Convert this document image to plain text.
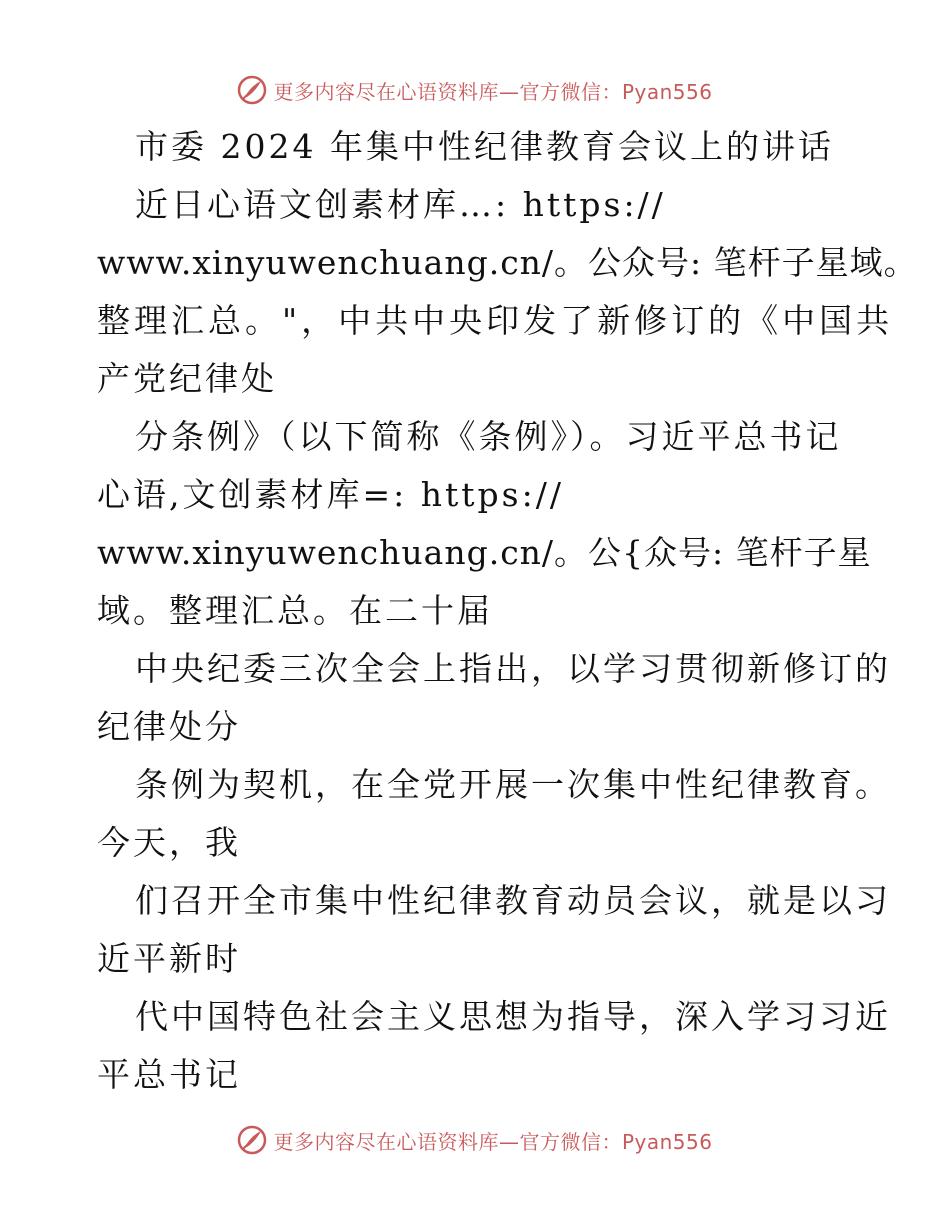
更多内容尽在心语资料库—官方微信：Pyan556
市委 2024 年集中性纪律教育会议上的讲话
近日心语文创素材库…: https://
www.xinyuwenchuang.cn/。公众号: 笔杆子星域。
整理汇总。"，中共中央印发了新修订的《中国共
产党纪律处
分条例》（以下简称《条例》）。习近平总书记
心语,文创素材库=: https://
www.xinyuwenchuang.cn/。公{众号: 笔杆子星
域。整理汇总。在二十届
中央纪委三次全会上指出，以学习贯彻新修订的
纪律处分
条例为契机，在全党开展一次集中性纪律教育。
今天，我
们召开全市集中性纪律教育动员会议，就是以习
近平新时
代中国特色社会主义思想为指导，深入学习习近
平总书记
更多内容尽在心语资料库—官方微信：Pyan556
